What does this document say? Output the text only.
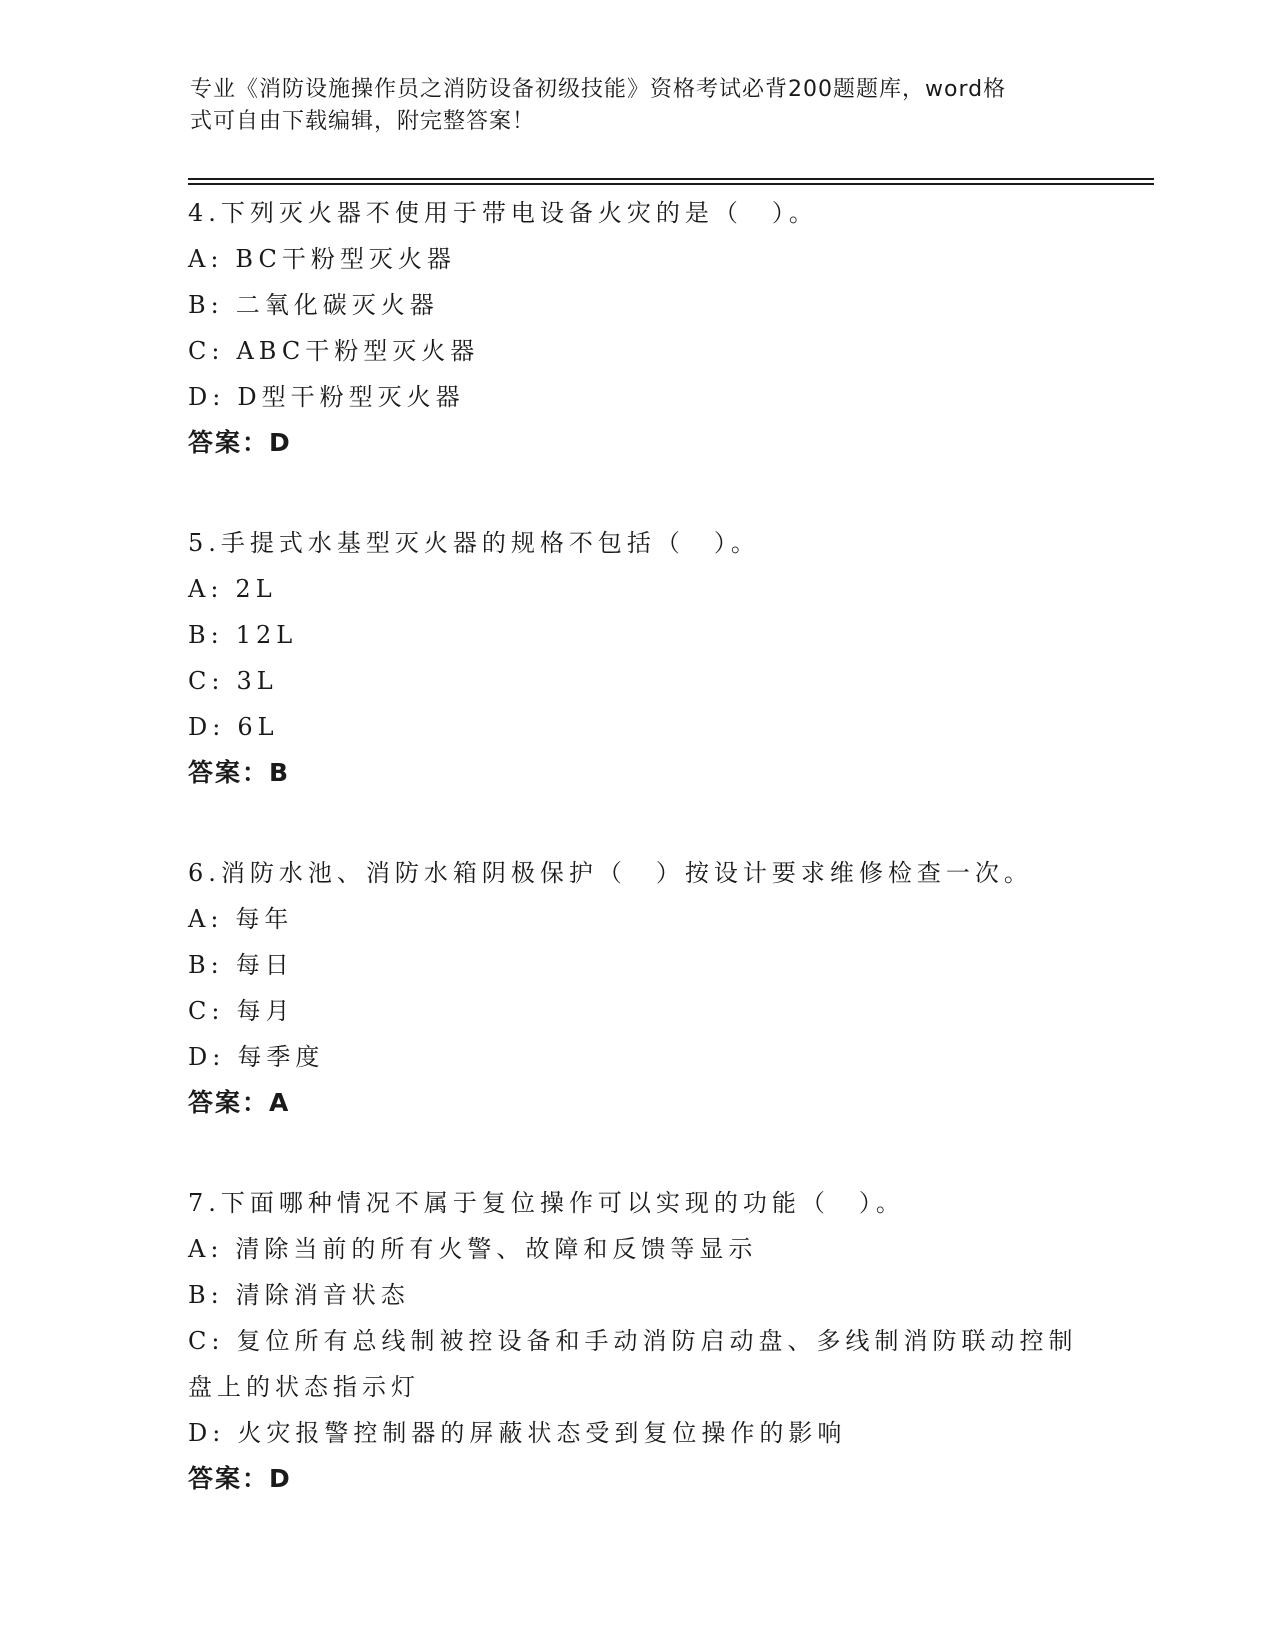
专业《消防设施操作员之消防设备初级技能》资格考试必背200题题库，word格
式可自由下载编辑，附完整答案！
4.下列灭火器不使用于带电设备火灾的是（　）。
A: BC干粉型灭火器
B: 二氧化碳灭火器
C: ABC干粉型灭火器
D: D型干粉型灭火器
答案：D
5.手提式水基型灭火器的规格不包括（　）。
A: 2L
B: 12L
C: 3L
D: 6L
答案：B
6.消防水池、消防水箱阴极保护（　）按设计要求维修检查一次。
A: 每年
B: 每日
C: 每月
D: 每季度
答案：A
7.下面哪种情况不属于复位操作可以实现的功能（　）。
A: 清除当前的所有火警、故障和反馈等显示
B: 清除消音状态
C: 复位所有总线制被控设备和手动消防启动盘、多线制消防联动控制盘上的状态指示灯
D: 火灾报警控制器的屏蔽状态受到复位操作的影响
答案：D
